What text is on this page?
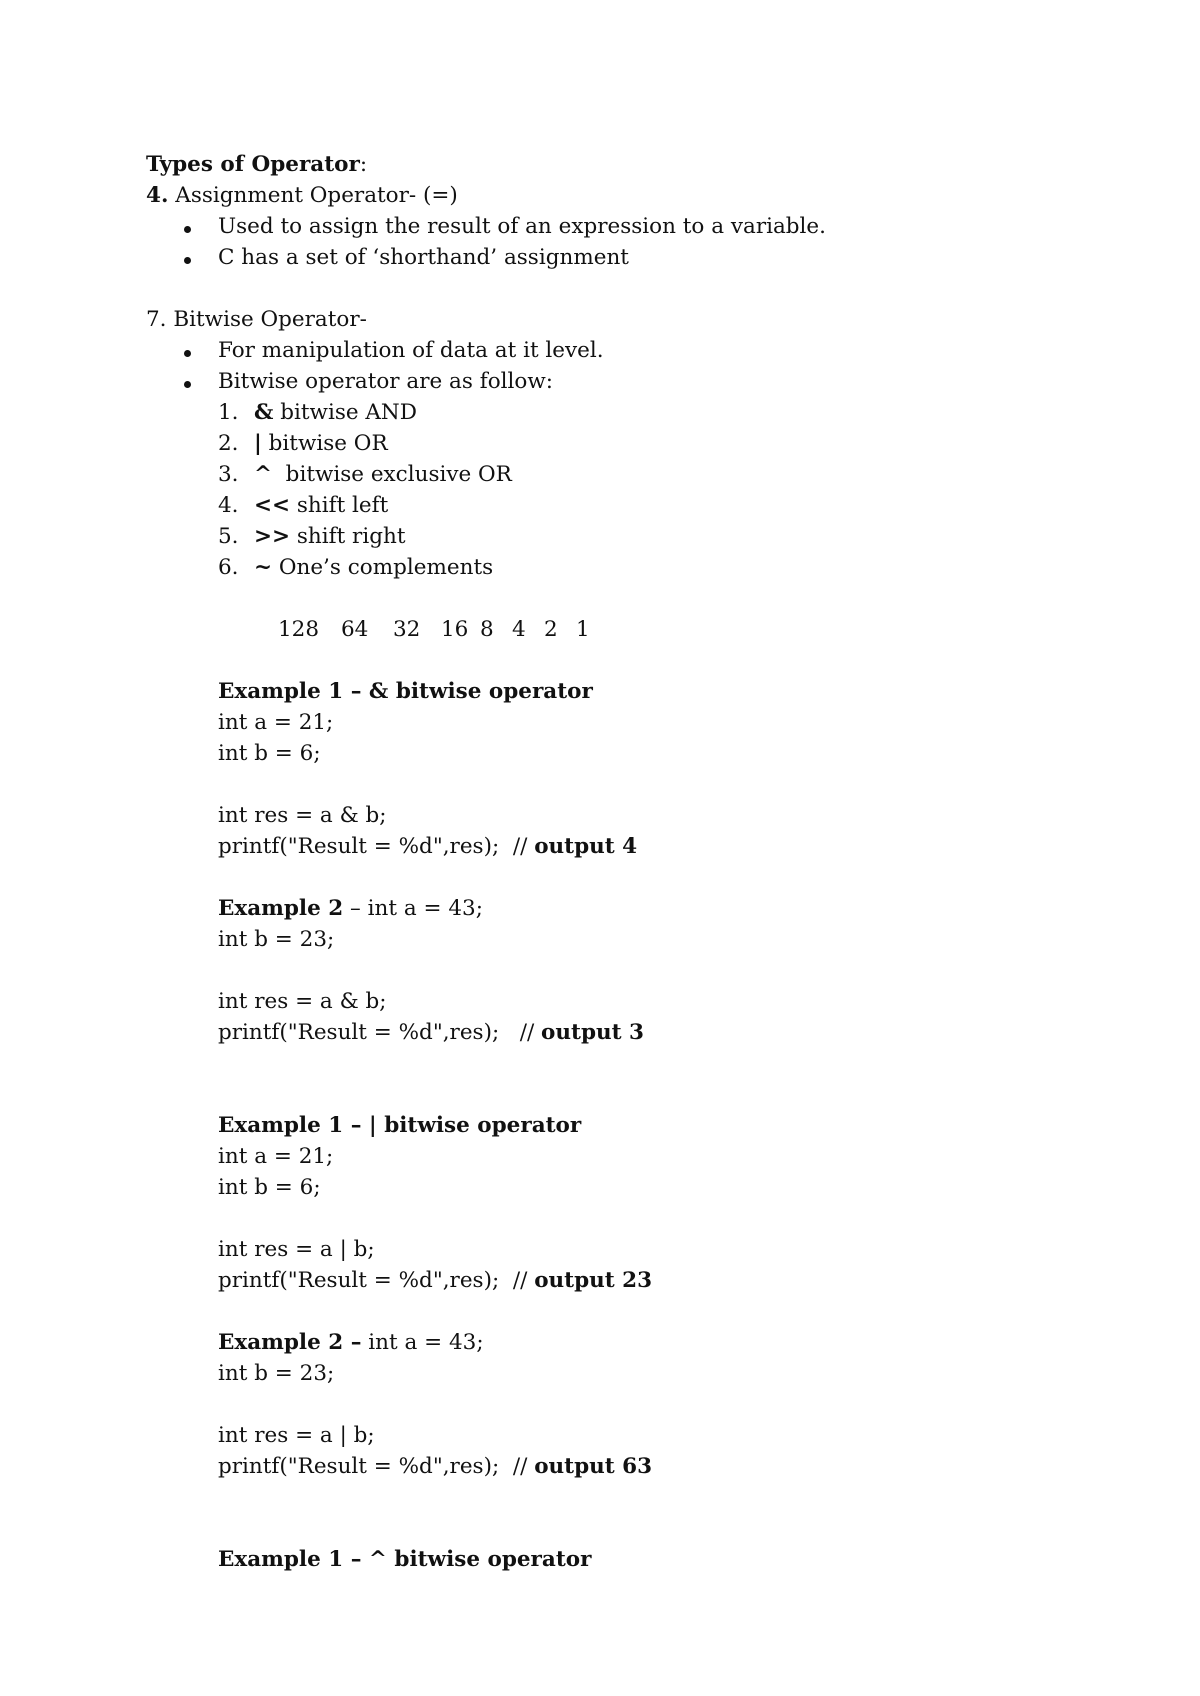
Types of Operator:
4. Assignment Operator- (=)
Used to assign the result of an expression to a variable.
C has a set of ‘shorthand’ assignment
7. Bitwise Operator-
For manipulation of data at it level.
Bitwise operator are as follow:
1. & bitwise AND
2. | bitwise OR
3. ^  bitwise exclusive OR
4. << shift left
5. >> shift right
6. ~ One’s complements
128 64 32 16 8 4 2 1
Example 1 – & bitwise operator
int a = 21;
int b = 6;
int res = a & b;
printf("Result = %d",res);  // output 4
Example 2 – int a = 43;
int b = 23;
int res = a & b;
printf("Result = %d",res);   // output 3
Example 1 – | bitwise operator
int a = 21;
int b = 6;
int res = a | b;
printf("Result = %d",res);  // output 23
Example 2 – int a = 43;
int b = 23;
int res = a | b;
printf("Result = %d",res);  // output 63
Example 1 – ^ bitwise operator
